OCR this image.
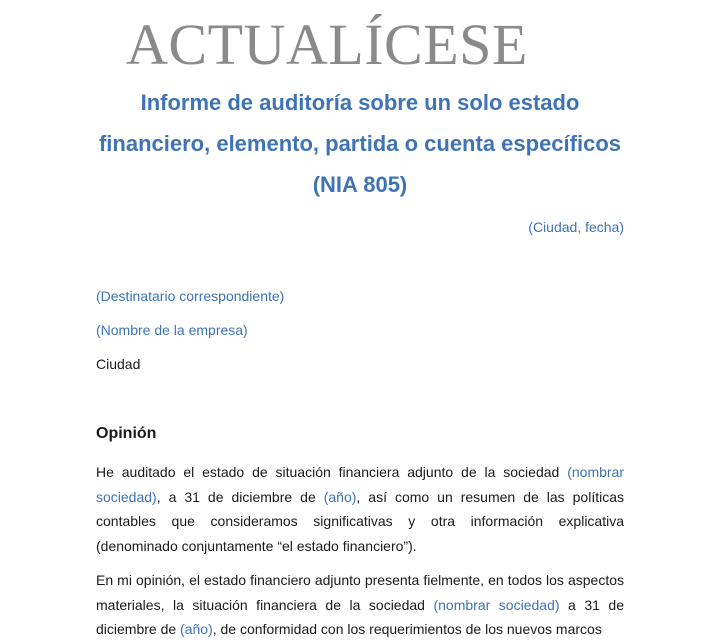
ACTUALÍCESE
Informe de auditoría sobre un solo estado financiero, elemento, partida o cuenta específicos (NIA 805)
(Ciudad, fecha)
(Destinatario correspondiente)
(Nombre de la empresa)
Ciudad
Opinión
He auditado el estado de situación financiera adjunto de la sociedad (nombrar sociedad), a 31 de diciembre de (año), así como un resumen de las políticas contables que consideramos significativas y otra información explicativa (denominado conjuntamente “el estado financiero”).
En mi opinión, el estado financiero adjunto presenta fielmente, en todos los aspectos materiales, la situación financiera de la sociedad (nombrar sociedad) a 31 de diciembre de (año), de conformidad con los requerimientos de los nuevos marcos
